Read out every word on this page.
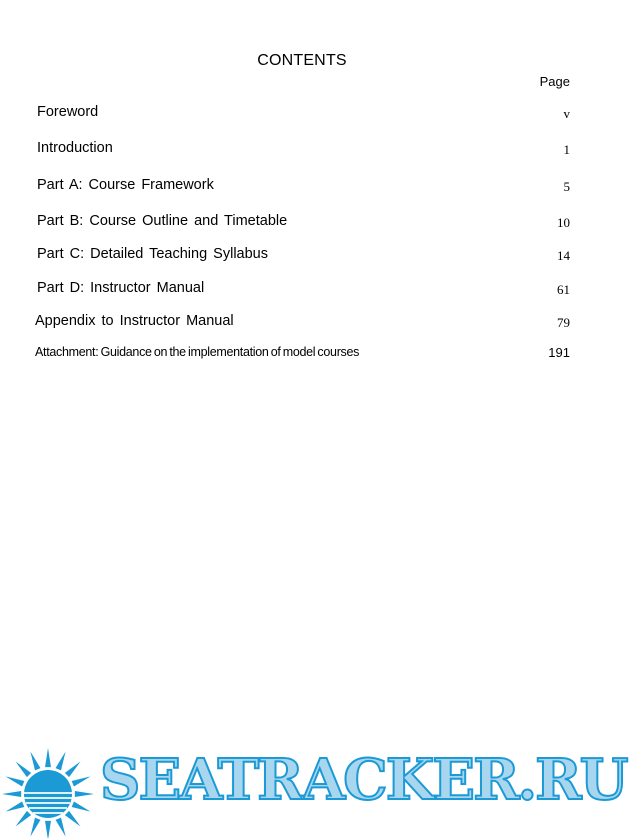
CONTENTS
Page
Foreword	v
Introduction	1
Part A: Course Framework	5
Part B: Course Outline and Timetable	10
Part C: Detailed Teaching Syllabus	14
Part D: Instructor Manual	61
Appendix to Instructor Manual	79
Attachment: Guidance on the implementation of model courses	191
SEATRACKER.RU
